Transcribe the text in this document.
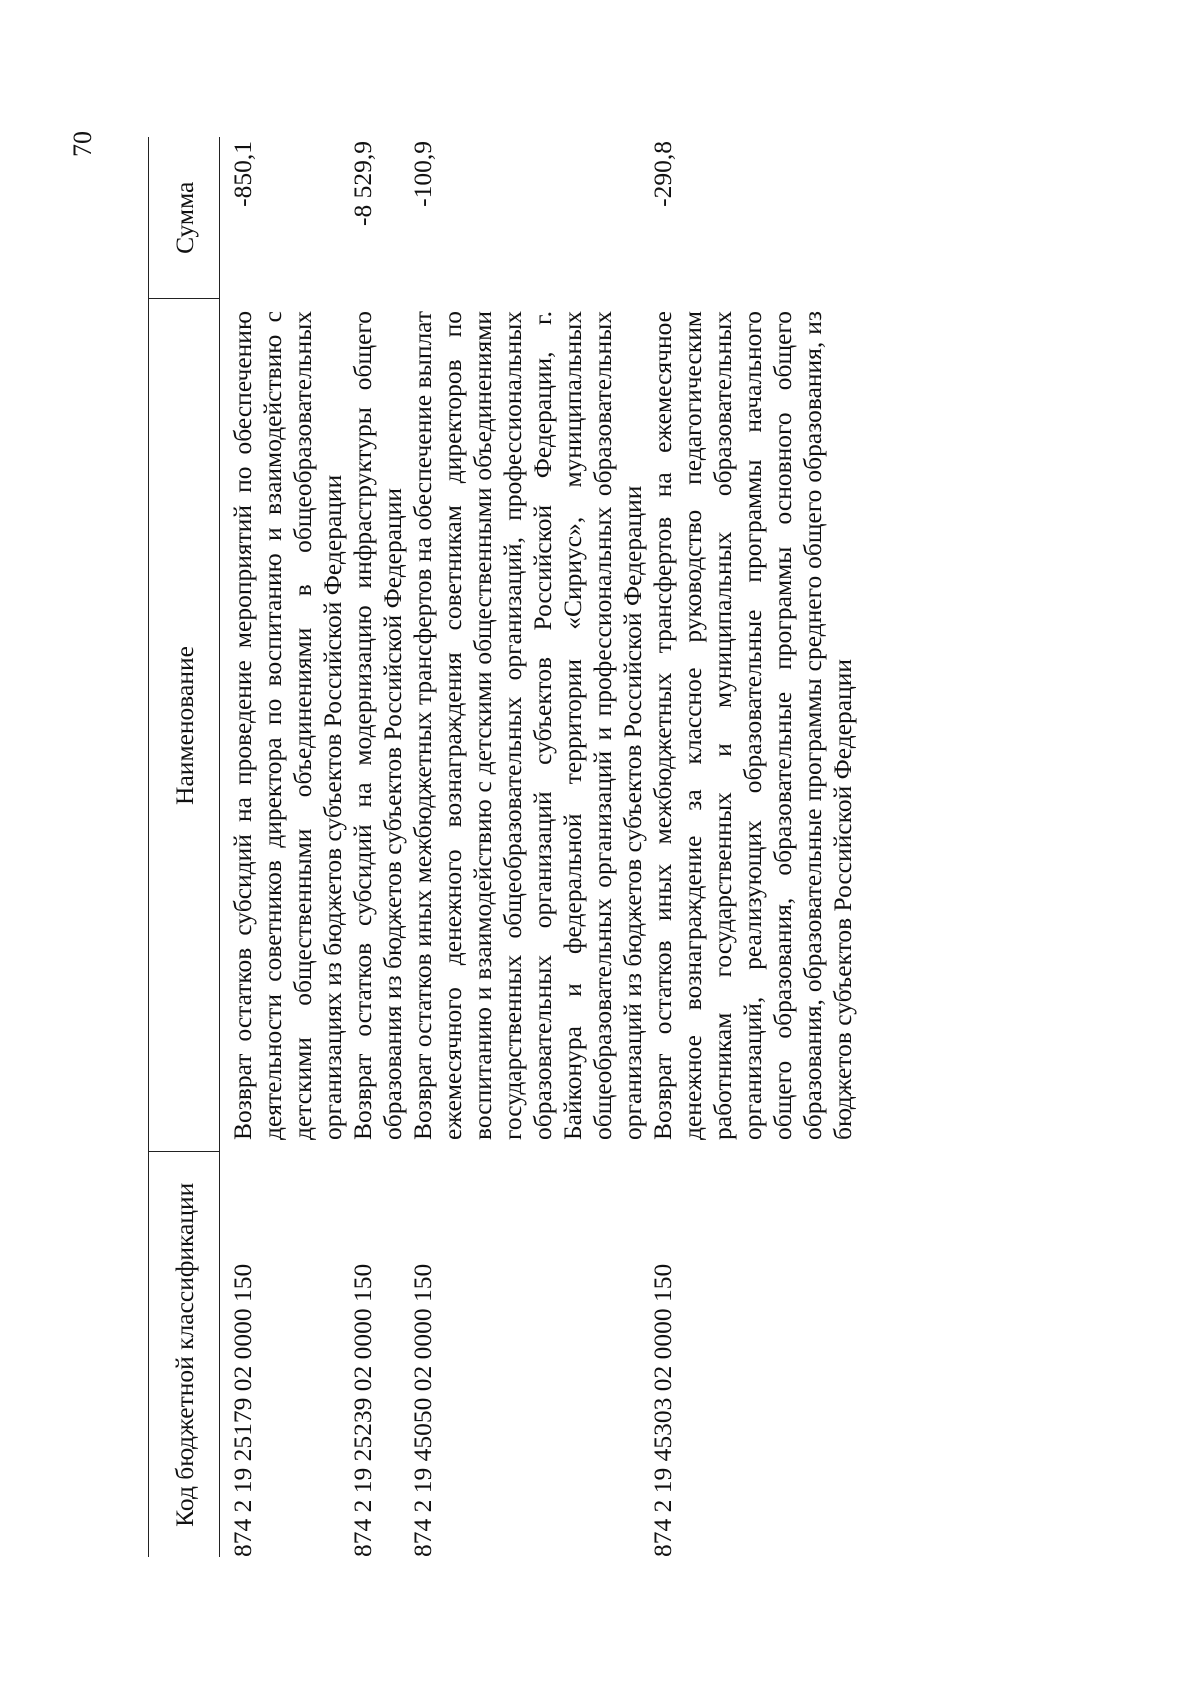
70
Код бюджетной классификации	Наименование	Сумма
874 2 19 25179 02 0000 150	Возврат остатков субсидий на проведение мероприятий по обеспечению деятельности советников директора по воспитанию и взаимодействию с детскими общественными объединениями в общеобразовательных организациях из бюджетов субъектов Российской Федерации	-850,1
874 2 19 25239 02 0000 150	Возврат остатков субсидий на модернизацию инфраструктуры общего образования из бюджетов субъектов Российской Федерации	-8 529,9
874 2 19 45050 02 0000 150	Возврат остатков иных межбюджетных трансфертов на обеспечение выплат ежемесячного денежного вознаграждения советникам директоров по воспитанию и взаимодействию с детскими общественными объединениями государственных общеобразовательных организаций, профессиональных образовательных организаций субъектов Российской Федерации, г. Байконура и федеральной территории «Сириус», муниципальных общеобразовательных организаций и профессиональных образовательных организаций из бюджетов субъектов Российской Федерации	-100,9
874 2 19 45303 02 0000 150	Возврат остатков иных межбюджетных трансфертов на ежемесячное денежное вознаграждение за классное руководство педагогическим работникам государственных и муниципальных образовательных организаций, реализующих образовательные программы начального общего образования, образовательные программы основного общего образования, образовательные программы среднего общего образования, из бюджетов субъектов Российской Федерации	-290,8
